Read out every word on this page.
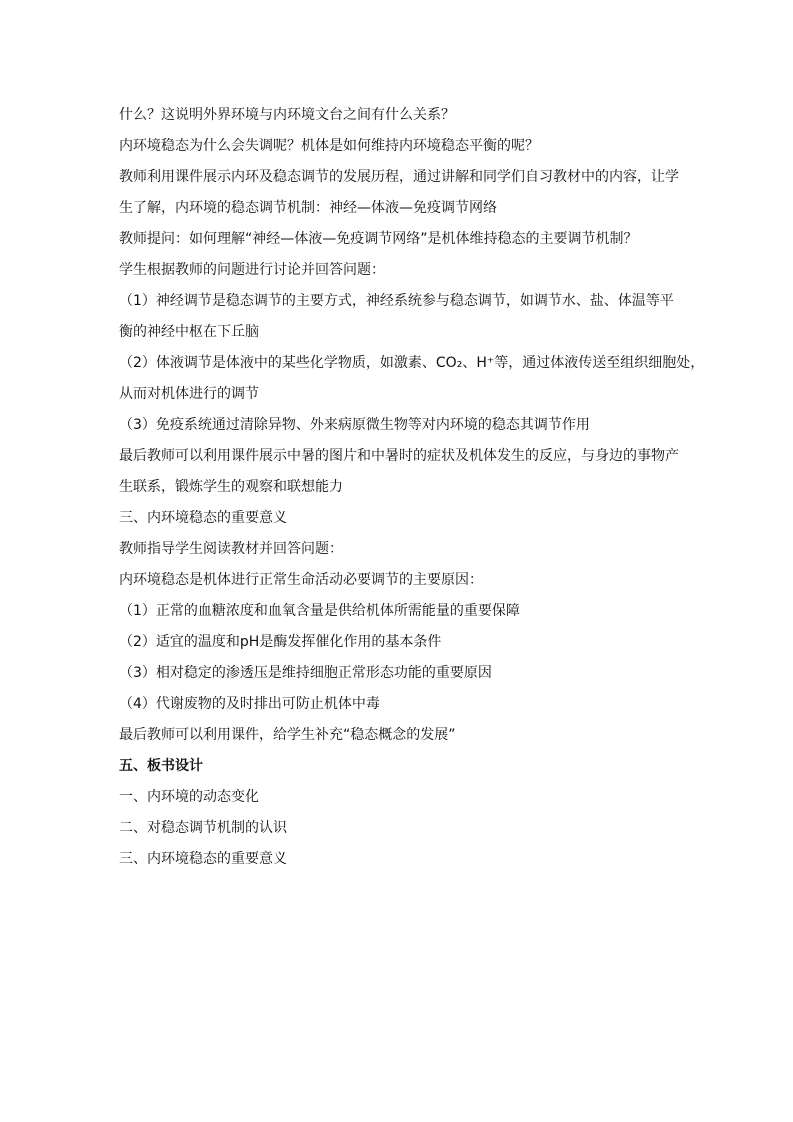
什么？这说明外界环境与内环境文台之间有什么关系？
内环境稳态为什么会失调呢？机体是如何维持内环境稳态平衡的呢？
教师利用课件展示内环及稳态调节的发展历程，通过讲解和同学们自习教材中的内容，让学
生了解，内环境的稳态调节机制：神经—体液—免疫调节网络
教师提问：如何理解“神经—体液—免疫调节网络”是机体维持稳态的主要调节机制？
学生根据教师的问题进行讨论并回答问题：
（1）神经调节是稳态调节的主要方式，神经系统参与稳态调节，如调节水、盐、体温等平
衡的神经中枢在下丘脑
（2）体液调节是体液中的某些化学物质，如激素、CO₂、H⁺等，通过体液传送至组织细胞处，
从而对机体进行的调节
（3）免疫系统通过清除异物、外来病原微生物等对内环境的稳态其调节作用
最后教师可以利用课件展示中暑的图片和中暑时的症状及机体发生的反应，与身边的事物产
生联系，锻炼学生的观察和联想能力
三、内环境稳态的重要意义
教师指导学生阅读教材并回答问题：
内环境稳态是机体进行正常生命活动必要调节的主要原因：
（1）正常的血糖浓度和血氧含量是供给机体所需能量的重要保障
（2）适宜的温度和pH是酶发挥催化作用的基本条件
（3）相对稳定的渗透压是维持细胞正常形态功能的重要原因
（4）代谢废物的及时排出可防止机体中毒
最后教师可以利用课件，给学生补充“稳态概念的发展”
五、板书设计
一、内环境的动态变化
二、对稳态调节机制的认识
三、内环境稳态的重要意义
